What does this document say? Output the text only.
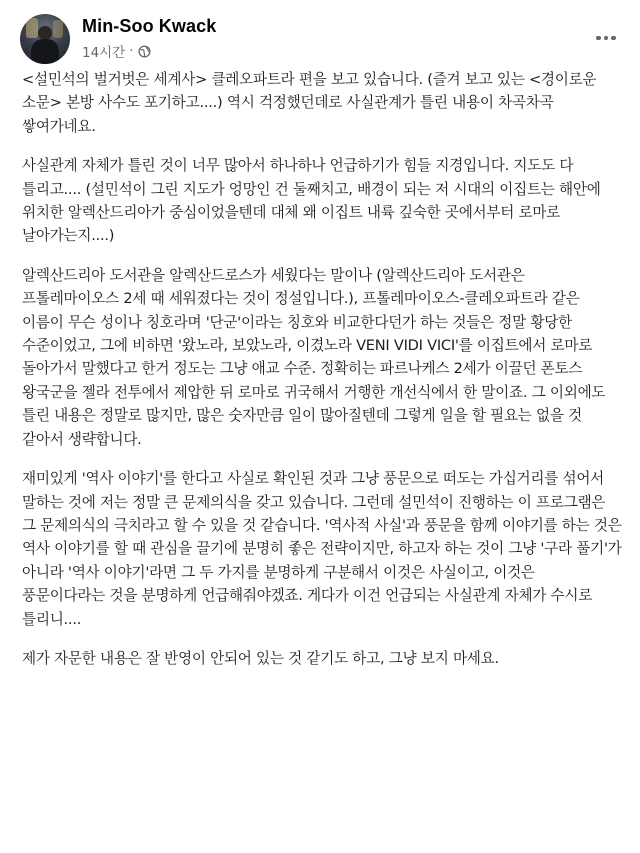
Min-Soo Kwack
14시간 ·

<설민석의 벌거벗은 세계사> 클레오파트라 편을 보고 있습니다. (즐겨 보고 있는 <경이로운 소문> 본방 사수도 포기하고....) 역시 걱정했던데로 사실관계가 틀린 내용이 차곡차곡 쌓여가네요.

사실관계 자체가 틀린 것이 너무 많아서 하나하나 언급하기가 힘들 지경입니다. 지도도 다 틀리고.... (설민석이 그린 지도가 엉망인 건 둘째치고, 배경이 되는 저 시대의 이집트는 해안에 위치한 알렉산드리아가 중심이었을텐데 대체 왜 이집트 내륙 깊숙한 곳에서부터 로마로 날아가는지....)

알렉산드리아 도서관을 알렉산드로스가 세웠다는 말이나 (알렉산드리아 도서관은 프톨레마이오스 2세 때 세워졌다는 것이 정설입니다.), 프톨레마이오스-클레오파트라 같은 이름이 무슨 성이나 칭호라며 '단군'이라는 칭호와 비교한다던가 하는 것들은 정말 황당한 수준이었고, 그에 비하면 '왔노라, 보았노라, 이겼노라 VENI VIDI VICI'를 이집트에서 로마로 돌아가서 말했다고 한거 정도는 그냥 애교 수준. 정확히는 파르나케스 2세가 이끌던 폰토스 왕국군을 젤라 전투에서 제압한 뒤 로마로 귀국해서 거행한 개선식에서 한 말이죠. 그 이외에도 틀린 내용은 정말로 많지만, 많은 숫자만큼 일이 많아질텐데 그렇게 일을 할 필요는 없을 것 같아서 생략합니다.

재미있게 '역사 이야기'를 한다고 사실로 확인된 것과 그냥 풍문으로 떠도는 가십거리를 섞어서 말하는 것에 저는 정말 큰 문제의식을 갖고 있습니다. 그런데 설민석이 진행하는 이 프로그램은 그 문제의식의 극치라고 할 수 있을 것 같습니다. '역사적 사실'과 풍문을 함께 이야기를 하는 것은 역사 이야기를 할 때 관심을 끌기에 분명히 좋은 전략이지만, 하고자 하는 것이 그냥 '구라 풀기'가 아니라 '역사 이야기'라면 그 두 가지를 분명하게 구분해서 이것은 사실이고, 이것은 풍문이다라는 것을 분명하게 언급해줘야겠죠. 게다가 이건 언급되는 사실관계 자체가 수시로 틀리니....

제가 자문한 내용은 잘 반영이 안되어 있는 것 같기도 하고, 그냥 보지 마세요.
